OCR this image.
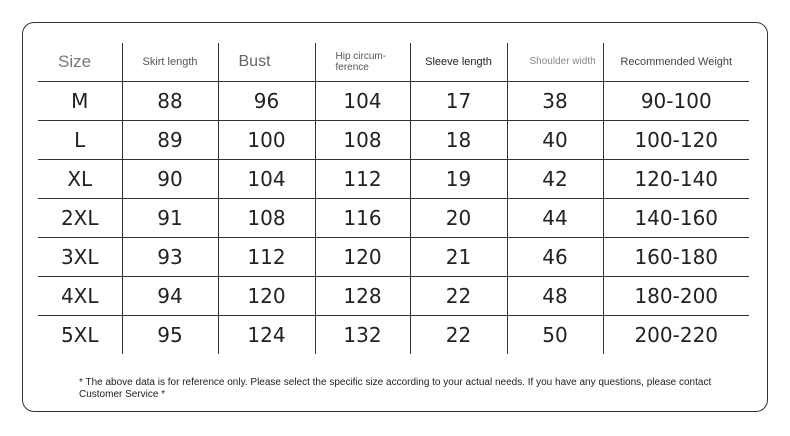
Size	Skirt length	Bust	Hip circum-ference	Sleeve length	Shoulder width	Recommended Weight
M	88	96	104	17	38	90-100
L	89	100	108	18	40	100-120
XL	90	104	112	19	42	120-140
2XL	91	108	116	20	44	140-160
3XL	93	112	120	21	46	160-180
4XL	94	120	128	22	48	180-200
5XL	95	124	132	22	50	200-220
* The above data is for reference only. Please select the specific size according to your actual needs. If you have any questions, please contact Customer Service *
